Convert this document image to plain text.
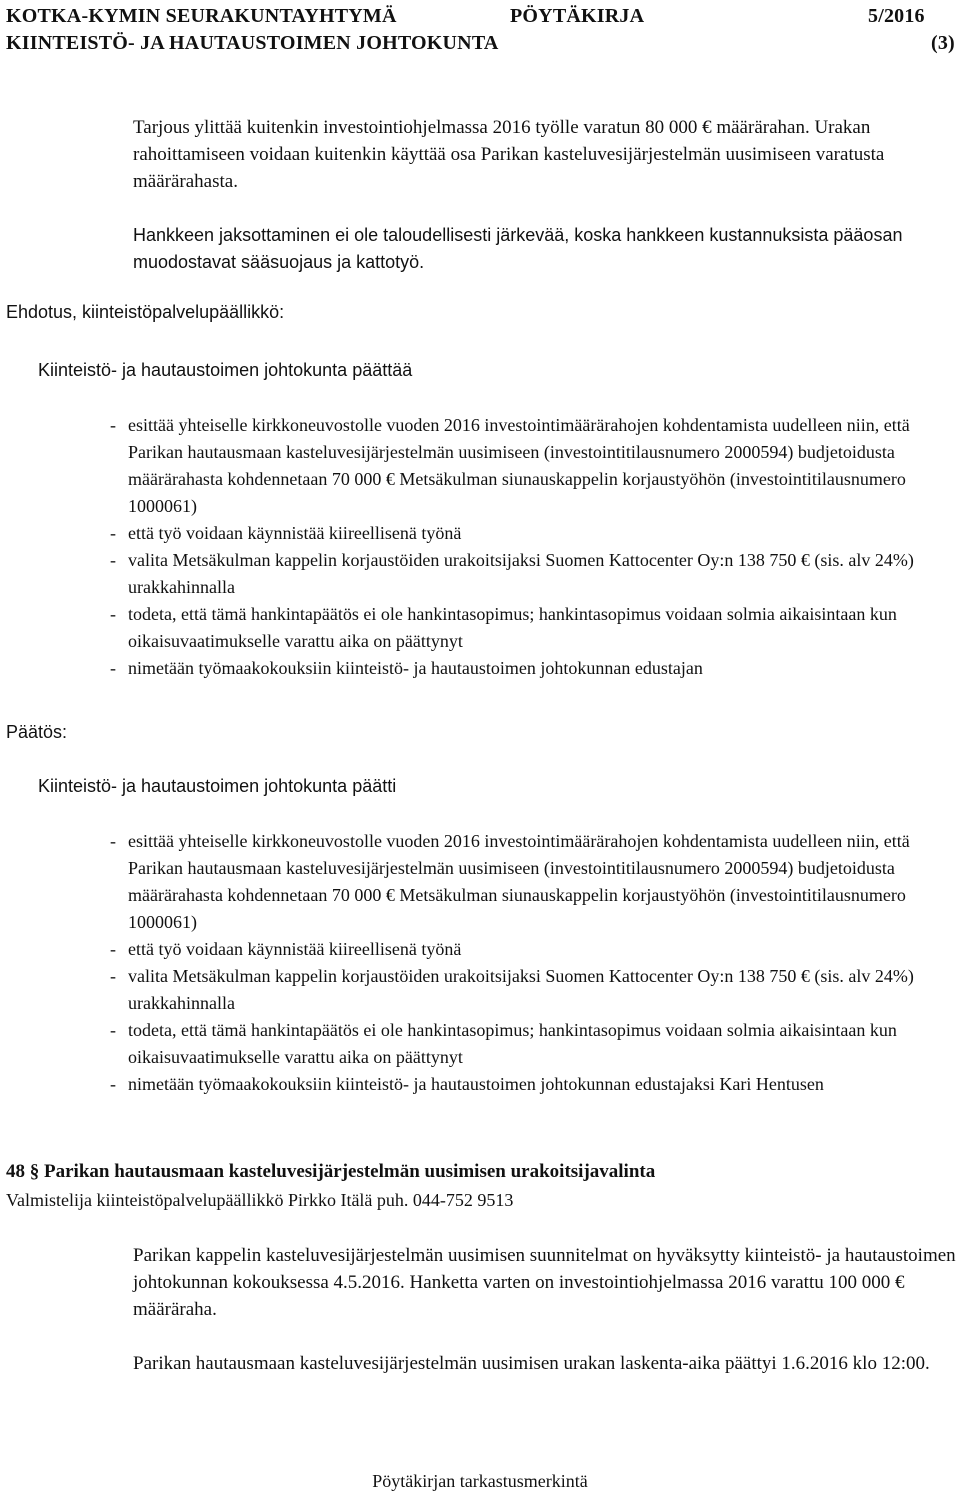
KOTKA-KYMIN SEURAKUNTAYHTYMÄ	PÖYTÄKIRJA	5/2016
KIINTEISTÖ- JA HAUTAUSTOIMEN JOHTOKUNTA	(3)

Tarjous ylittää kuitenkin investointiohjelmassa 2016 työlle varatun 80 000 € määrärahan. Urakan rahoittamiseen voidaan kuitenkin käyttää osa Parikan kasteluvesijärjestelmän uusimiseen varatusta määrärahasta.

Hankkeen jaksottaminen ei ole taloudellisesti järkevää, koska hankkeen kustannuksista pääosan muodostavat sääsuojaus ja kattotyö.

Ehdotus, kiinteistöpalvelupäällikkö:
Kiinteistö- ja hautaustoimen johtokunta päättää
- esittää yhteiselle kirkkoneuvostolle vuoden 2016 investointimäärärahojen kohdentamista uudelleen niin, että Parikan hautausmaan kasteluvesijärjestelmän uusimiseen (investointitilausnumero 2000594) budjetoidusta määrärahasta kohdennetaan 70 000 € Metsäkulman siunauskappelin korjaustyöhön (investointitilausnumero 1000061)
- että työ voidaan käynnistää kiireellisenä työnä
- valita Metsäkulman kappelin korjaustöiden urakoitsijaksi Suomen Kattocenter Oy:n 138 750 € (sis. alv 24%) urakkahinnalla
- todeta, että tämä hankintapäätös ei ole hankintasopimus; hankintasopimus voidaan solmia aikaisintaan kun oikaisuvaatimukselle varattu aika on päättynyt
- nimetään työmaakokouksiin kiinteistö- ja hautaustoimen johtokunnan edustajan
Päätös:
Kiinteistö- ja hautaustoimen johtokunta päätti
- esittää yhteiselle kirkkoneuvostolle vuoden 2016 investointimäärärahojen kohdentamista uudelleen niin, että Parikan hautausmaan kasteluvesijärjestelmän uusimiseen (investointitilausnumero 2000594) budjetoidusta määrärahasta kohdennetaan 70 000 € Metsäkulman siunauskappelin korjaustyöhön (investointitilausnumero 1000061)
- että työ voidaan käynnistää kiireellisenä työnä
- valita Metsäkulman kappelin korjaustöiden urakoitsijaksi Suomen Kattocenter Oy:n 138 750 € (sis. alv 24%) urakkahinnalla
- todeta, että tämä hankintapäätös ei ole hankintasopimus; hankintasopimus voidaan solmia aikaisintaan kun oikaisuvaatimukselle varattu aika on päättynyt
- nimetään työmaakokouksiin kiinteistö- ja hautaustoimen johtokunnan edustajaksi Kari Hentusen
48 § Parikan hautausmaan kasteluvesijärjestelmän uusimisen urakoitsijavalinta
Valmistelija kiinteistöpalvelupäällikkö Pirkko Itälä puh. 044-752 9513

Parikan kappelin kasteluvesijärjestelmän uusimisen suunnitelmat on hyväksytty kiinteistö- ja hautaustoimen johtokunnan kokouksessa 4.5.2016. Hanketta varten on investointiohjelmassa 2016 varattu 100 000 € määräraha.

Parikan hautausmaan kasteluvesijärjestelmän uusimisen urakan laskenta-aika päättyi 1.6.2016 klo 12:00.

Pöytäkirjan tarkastusmerkintä
